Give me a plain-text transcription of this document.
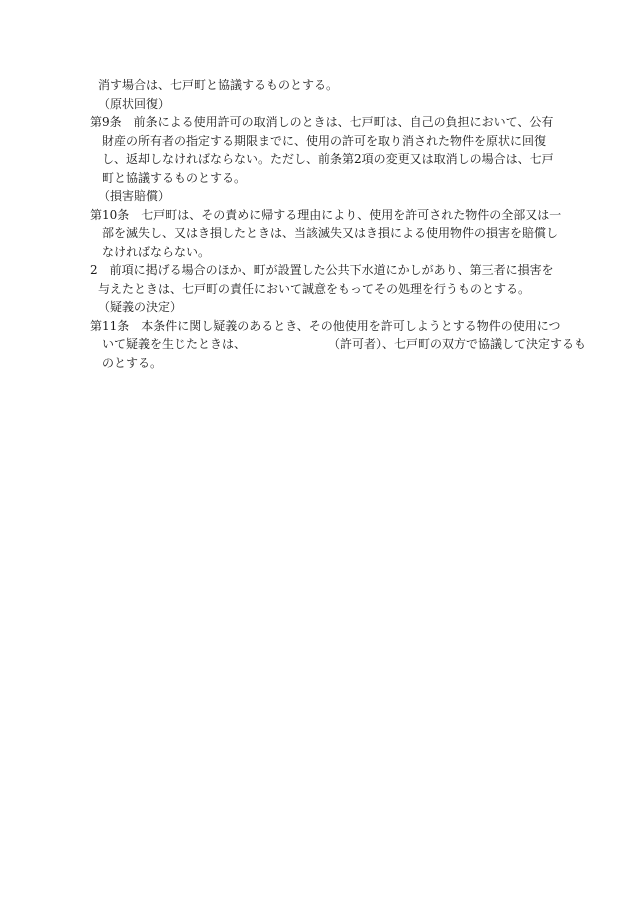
消す場合は、七戸町と協議するものとする。
（原状回復）
第9条　前条による使用許可の取消しのときは、七戸町は、自己の負担において、公有
財産の所有者の指定する期限までに、使用の許可を取り消された物件を原状に回復
し、返却しなければならない。ただし、前条第2項の変更又は取消しの場合は、七戸
町と協議するものとする。
（損害賠償）
第10条　七戸町は、その責めに帰する理由により、使用を許可された物件の全部又は一
部を滅失し、又はき損したときは、当該滅失又はき損による使用物件の損害を賠償し
なければならない。
2　前項に掲げる場合のほか、町が設置した公共下水道にかしがあり、第三者に損害を
与えたときは、七戸町の責任において誠意をもってその処理を行うものとする。
（疑義の決定）
第11条　本条件に関し疑義のあるとき、その他使用を許可しようとする物件の使用につ
いて疑義を生じたときは、	（許可者）、七戸町の双方で協議して決定するも
のとする。
